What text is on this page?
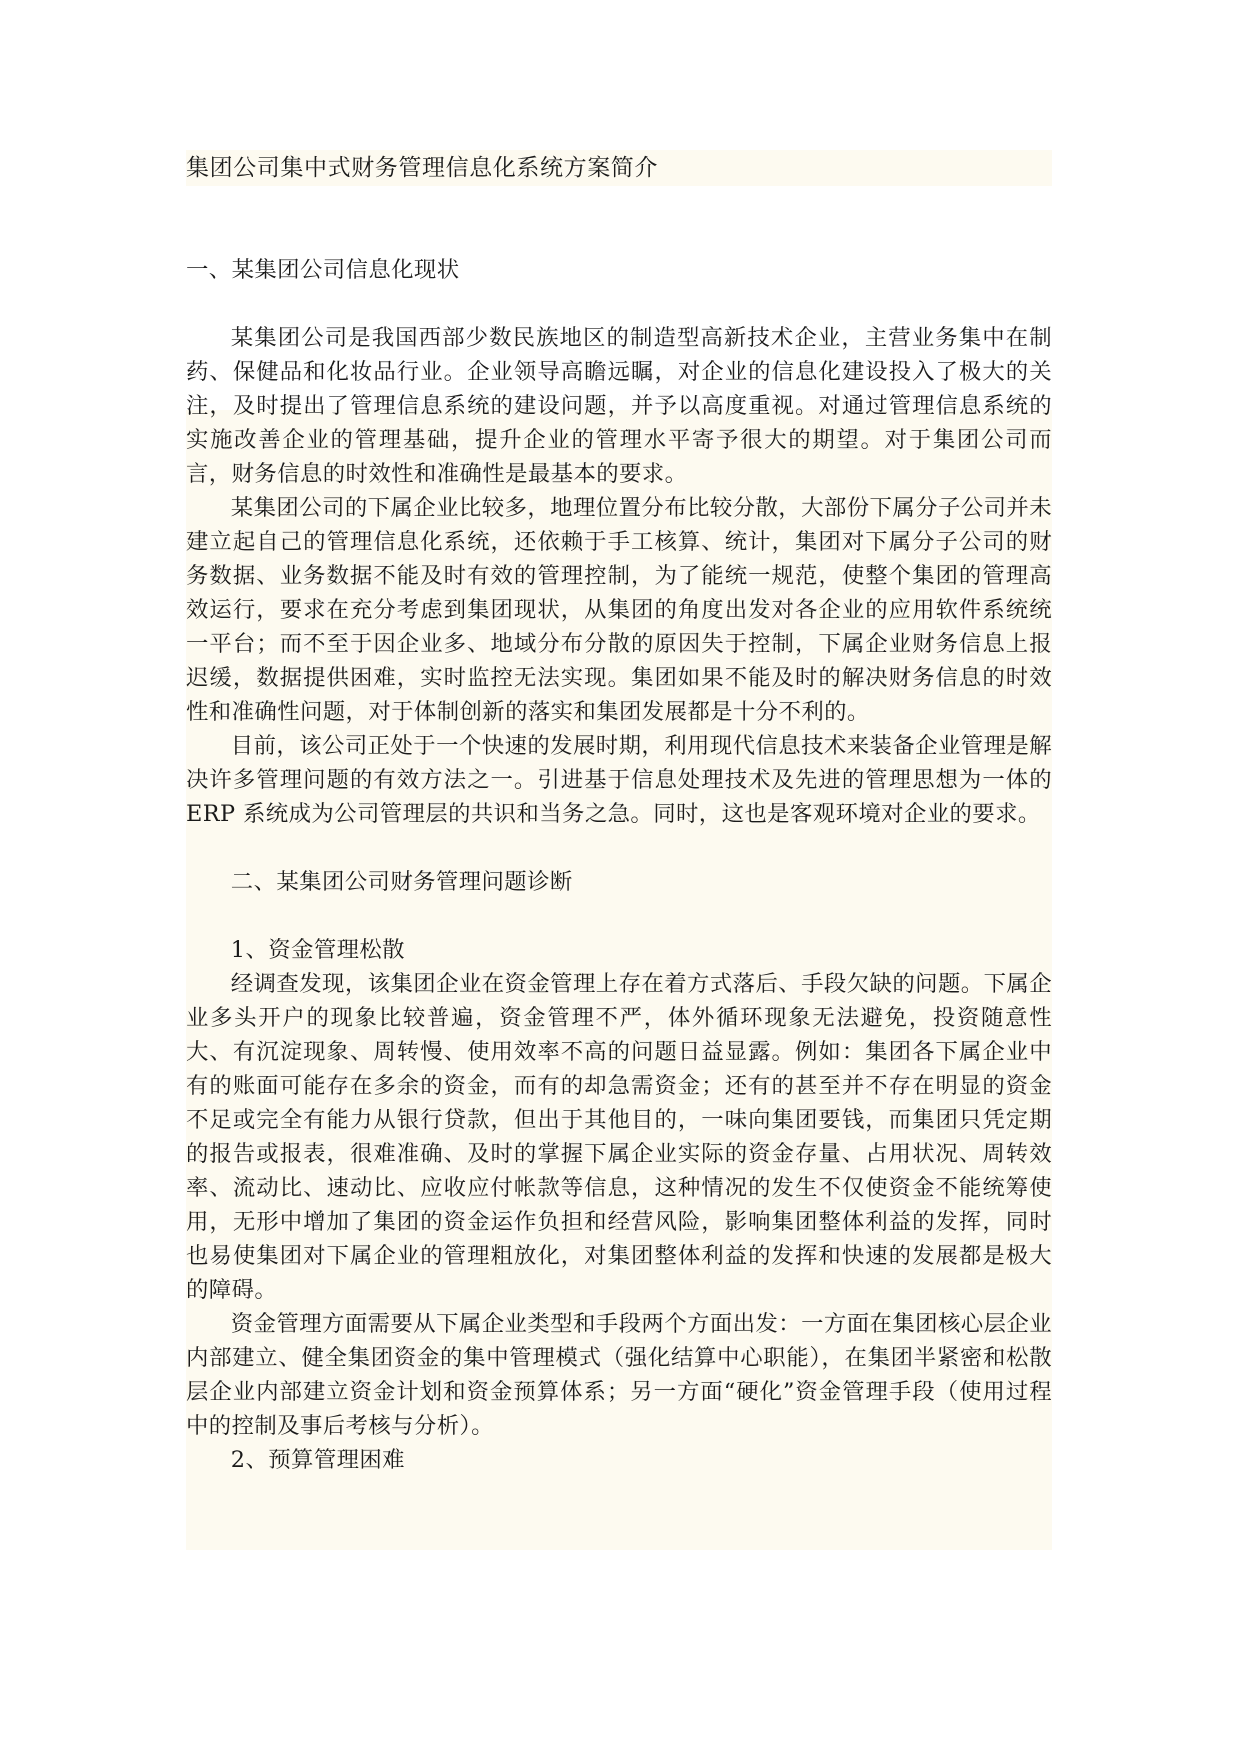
集团公司集中式财务管理信息化系统方案简介

一、某集团公司信息化现状

某集团公司是我国西部少数民族地区的制造型高新技术企业，主营业务集中在制药、保健品和化妆品行业。企业领导高瞻远瞩，对企业的信息化建设投入了极大的关注，及时提出了管理信息系统的建设问题，并予以高度重视。对通过管理信息系统的实施改善企业的管理基础，提升企业的管理水平寄予很大的期望。对于集团公司而言，财务信息的时效性和准确性是最基本的要求。

某集团公司的下属企业比较多，地理位置分布比较分散，大部份下属分子公司并未建立起自己的管理信息化系统，还依赖于手工核算、统计，集团对下属分子公司的财务数据、业务数据不能及时有效的管理控制，为了能统一规范，使整个集团的管理高效运行，要求在充分考虑到集团现状，从集团的角度出发对各企业的应用软件系统统一平台；而不至于因企业多、地域分布分散的原因失于控制，下属企业财务信息上报迟缓，数据提供困难，实时监控无法实现。集团如果不能及时的解决财务信息的时效性和准确性问题，对于体制创新的落实和集团发展都是十分不利的。

目前，该公司正处于一个快速的发展时期，利用现代信息技术来装备企业管理是解决许多管理问题的有效方法之一。引进基于信息处理技术及先进的管理思想为一体的 ERP 系统成为公司管理层的共识和当务之急。同时，这也是客观环境对企业的要求。

二、某集团公司财务管理问题诊断

1、资金管理松散

经调查发现，该集团企业在资金管理上存在着方式落后、手段欠缺的问题。下属企业多头开户的现象比较普遍，资金管理不严，体外循环现象无法避免，投资随意性大、有沉淀现象、周转慢、使用效率不高的问题日益显露。例如：集团各下属企业中有的账面可能存在多余的资金，而有的却急需资金；还有的甚至并不存在明显的资金不足或完全有能力从银行贷款，但出于其他目的，一味向集团要钱，而集团只凭定期的报告或报表，很难准确、及时的掌握下属企业实际的资金存量、占用状况、周转效率、流动比、速动比、应收应付帐款等信息，这种情况的发生不仅使资金不能统筹使用，无形中增加了集团的资金运作负担和经营风险，影响集团整体利益的发挥，同时也易使集团对下属企业的管理粗放化，对集团整体利益的发挥和快速的发展都是极大的障碍。

资金管理方面需要从下属企业类型和手段两个方面出发：一方面在集团核心层企业内部建立、健全集团资金的集中管理模式（强化结算中心职能），在集团半紧密和松散层企业内部建立资金计划和资金预算体系；另一方面“硬化”资金管理手段（使用过程中的控制及事后考核与分析）。

2、预算管理困难
